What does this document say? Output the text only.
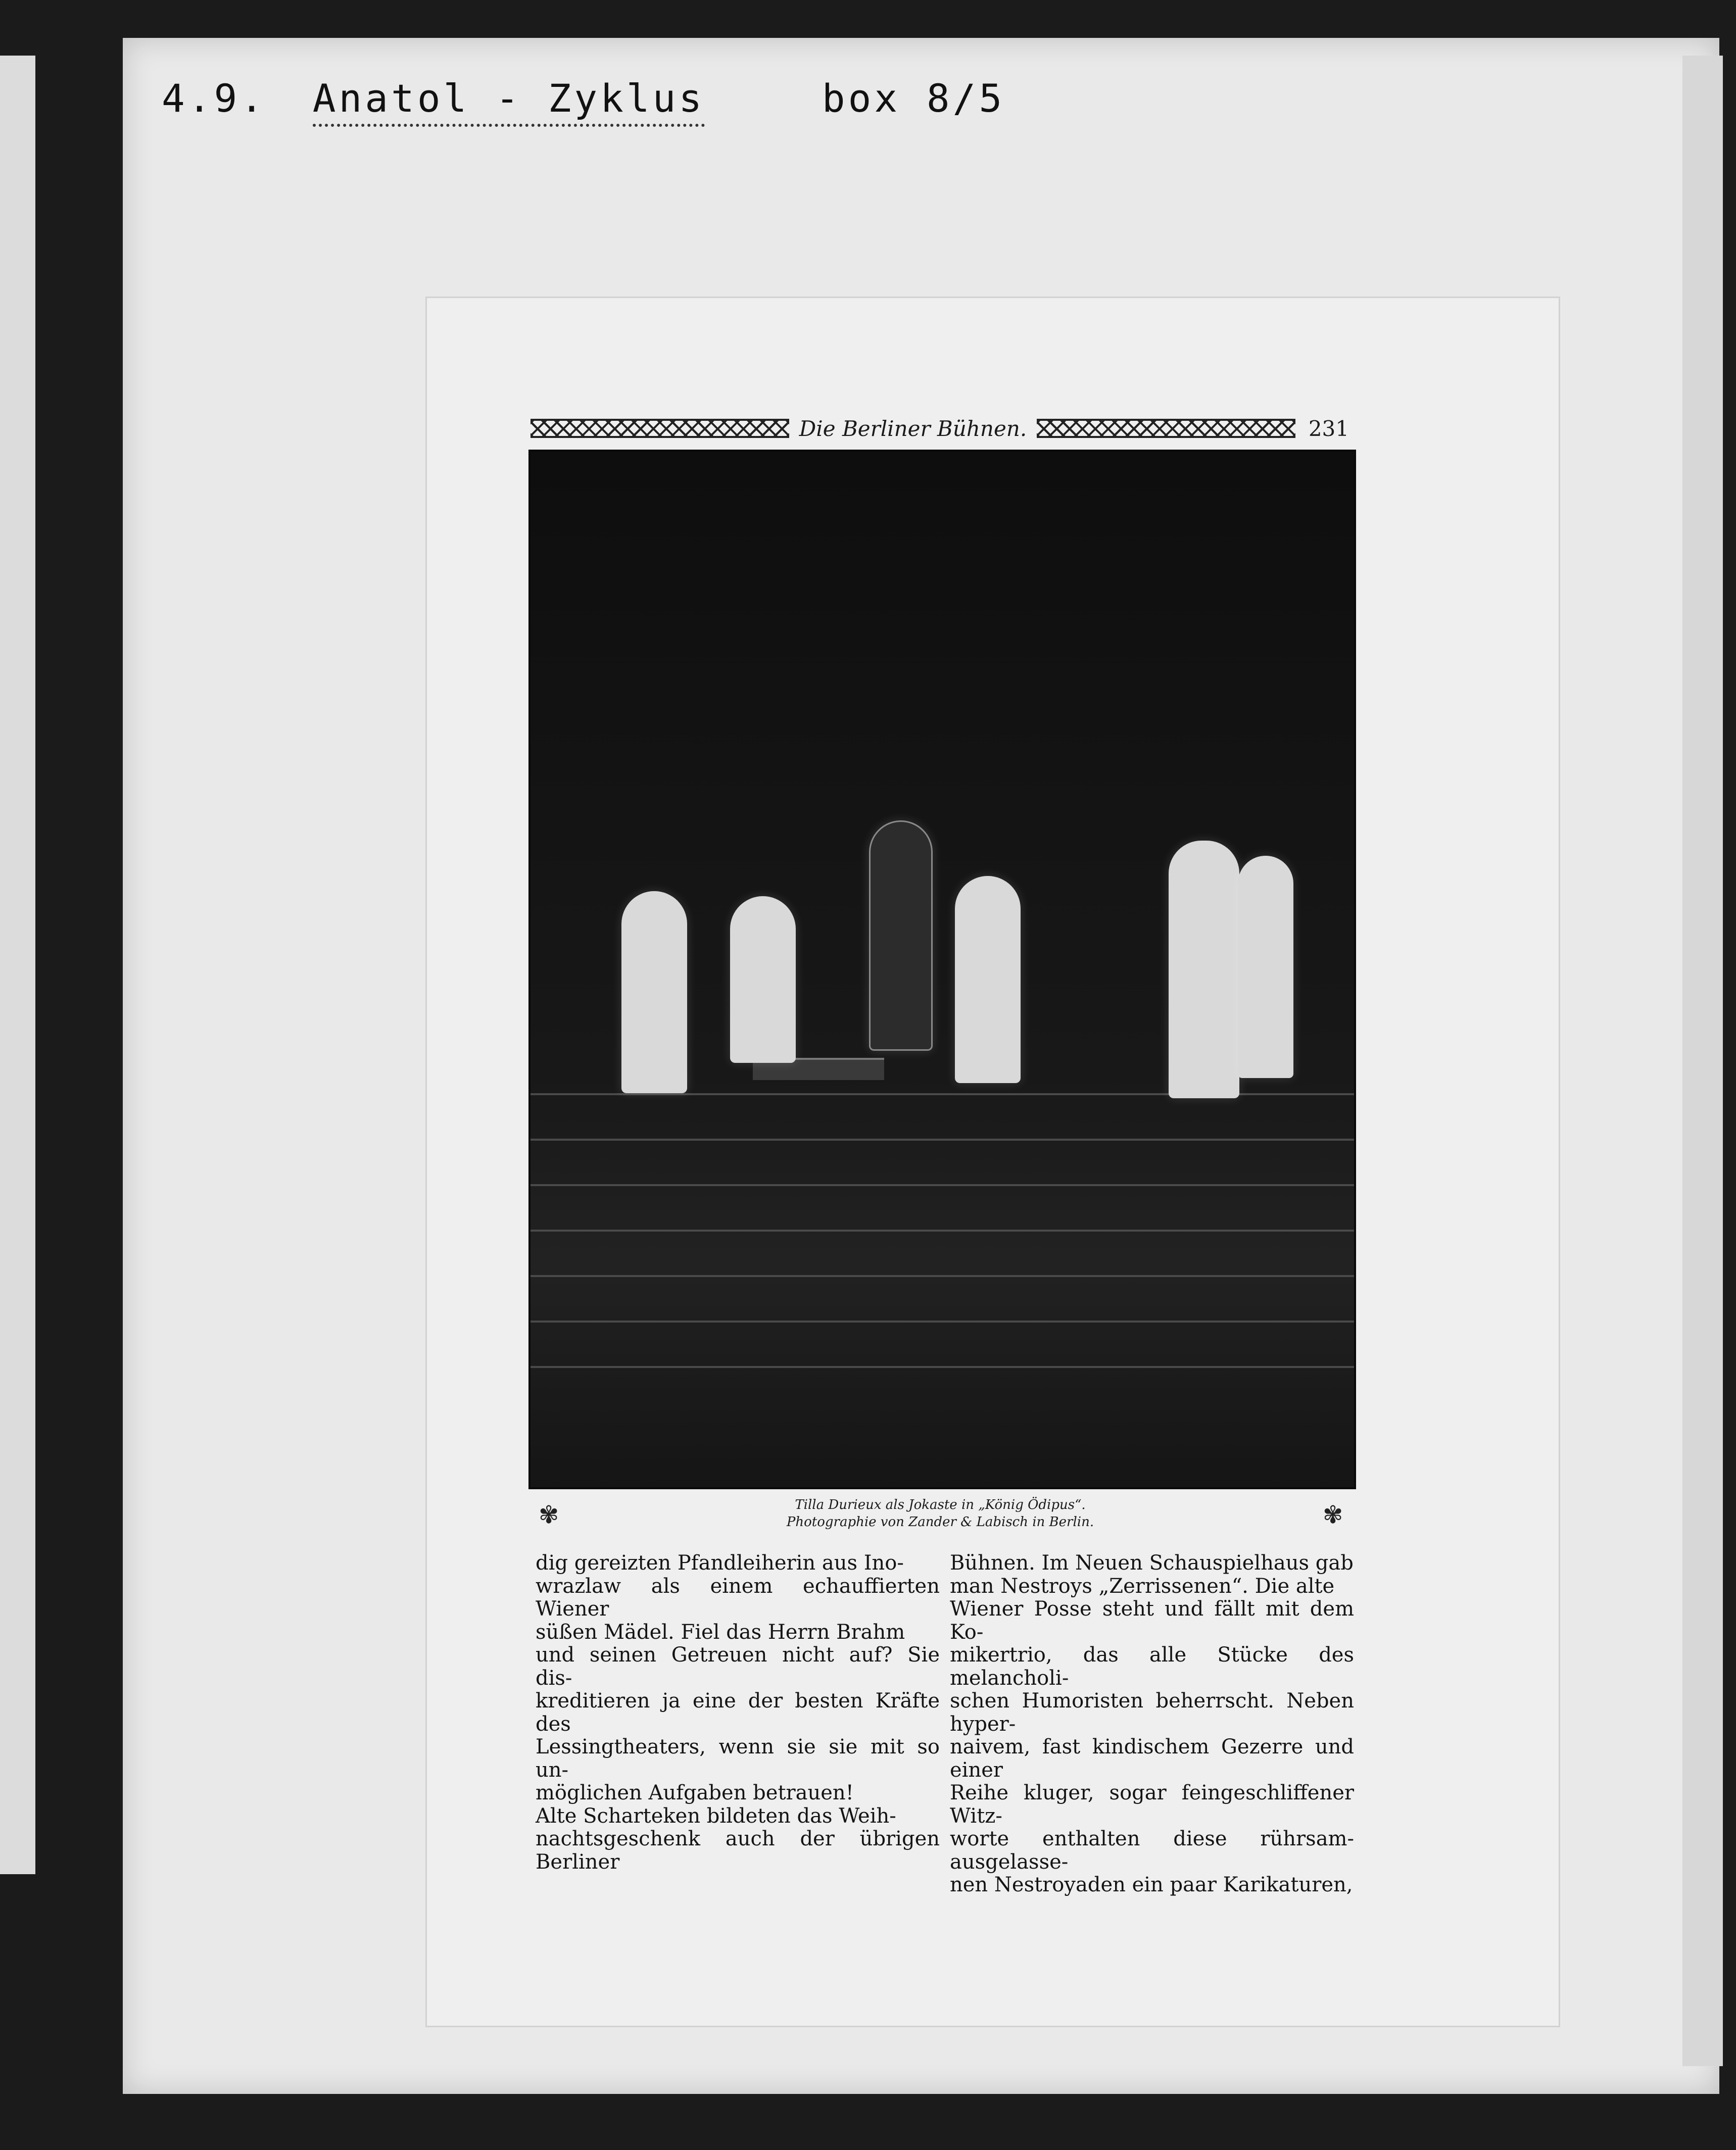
4.9. Anatol - Zyklus	box 8/5
Die Berliner Bühnen.	231
Tilla Durieux als Jokaste in „König Ödipus“.
Photographie von Zander & Labisch in Berlin.
✾	✾
dig gereizten Pfandleiherin aus Ino-
wrazlaw als einem echauffierten Wiener
süßen Mädel. Fiel das Herrn Brahm
und seinen Getreuen nicht auf? Sie dis-
kreditieren ja eine der besten Kräfte des
Lessingtheaters, wenn sie sie mit so un-
möglichen Aufgaben betrauen!
Alte Scharteken bildeten das Weih-
nachtsgeschenk auch der übrigen Berliner
Bühnen. Im Neuen Schauspielhaus gab
man Nestroys „Zerrissenen“. Die alte
Wiener Posse steht und fällt mit dem Ko-
mikertrio, das alle Stücke des melancholi-
schen Humoristen beherrscht. Neben hyper-
naivem, fast kindischem Gezerre und einer
Reihe kluger, sogar feingeschliffener Witz-
worte enthalten diese rührsam-ausgelasse-
nen Nestroyaden ein paar Karikaturen,
